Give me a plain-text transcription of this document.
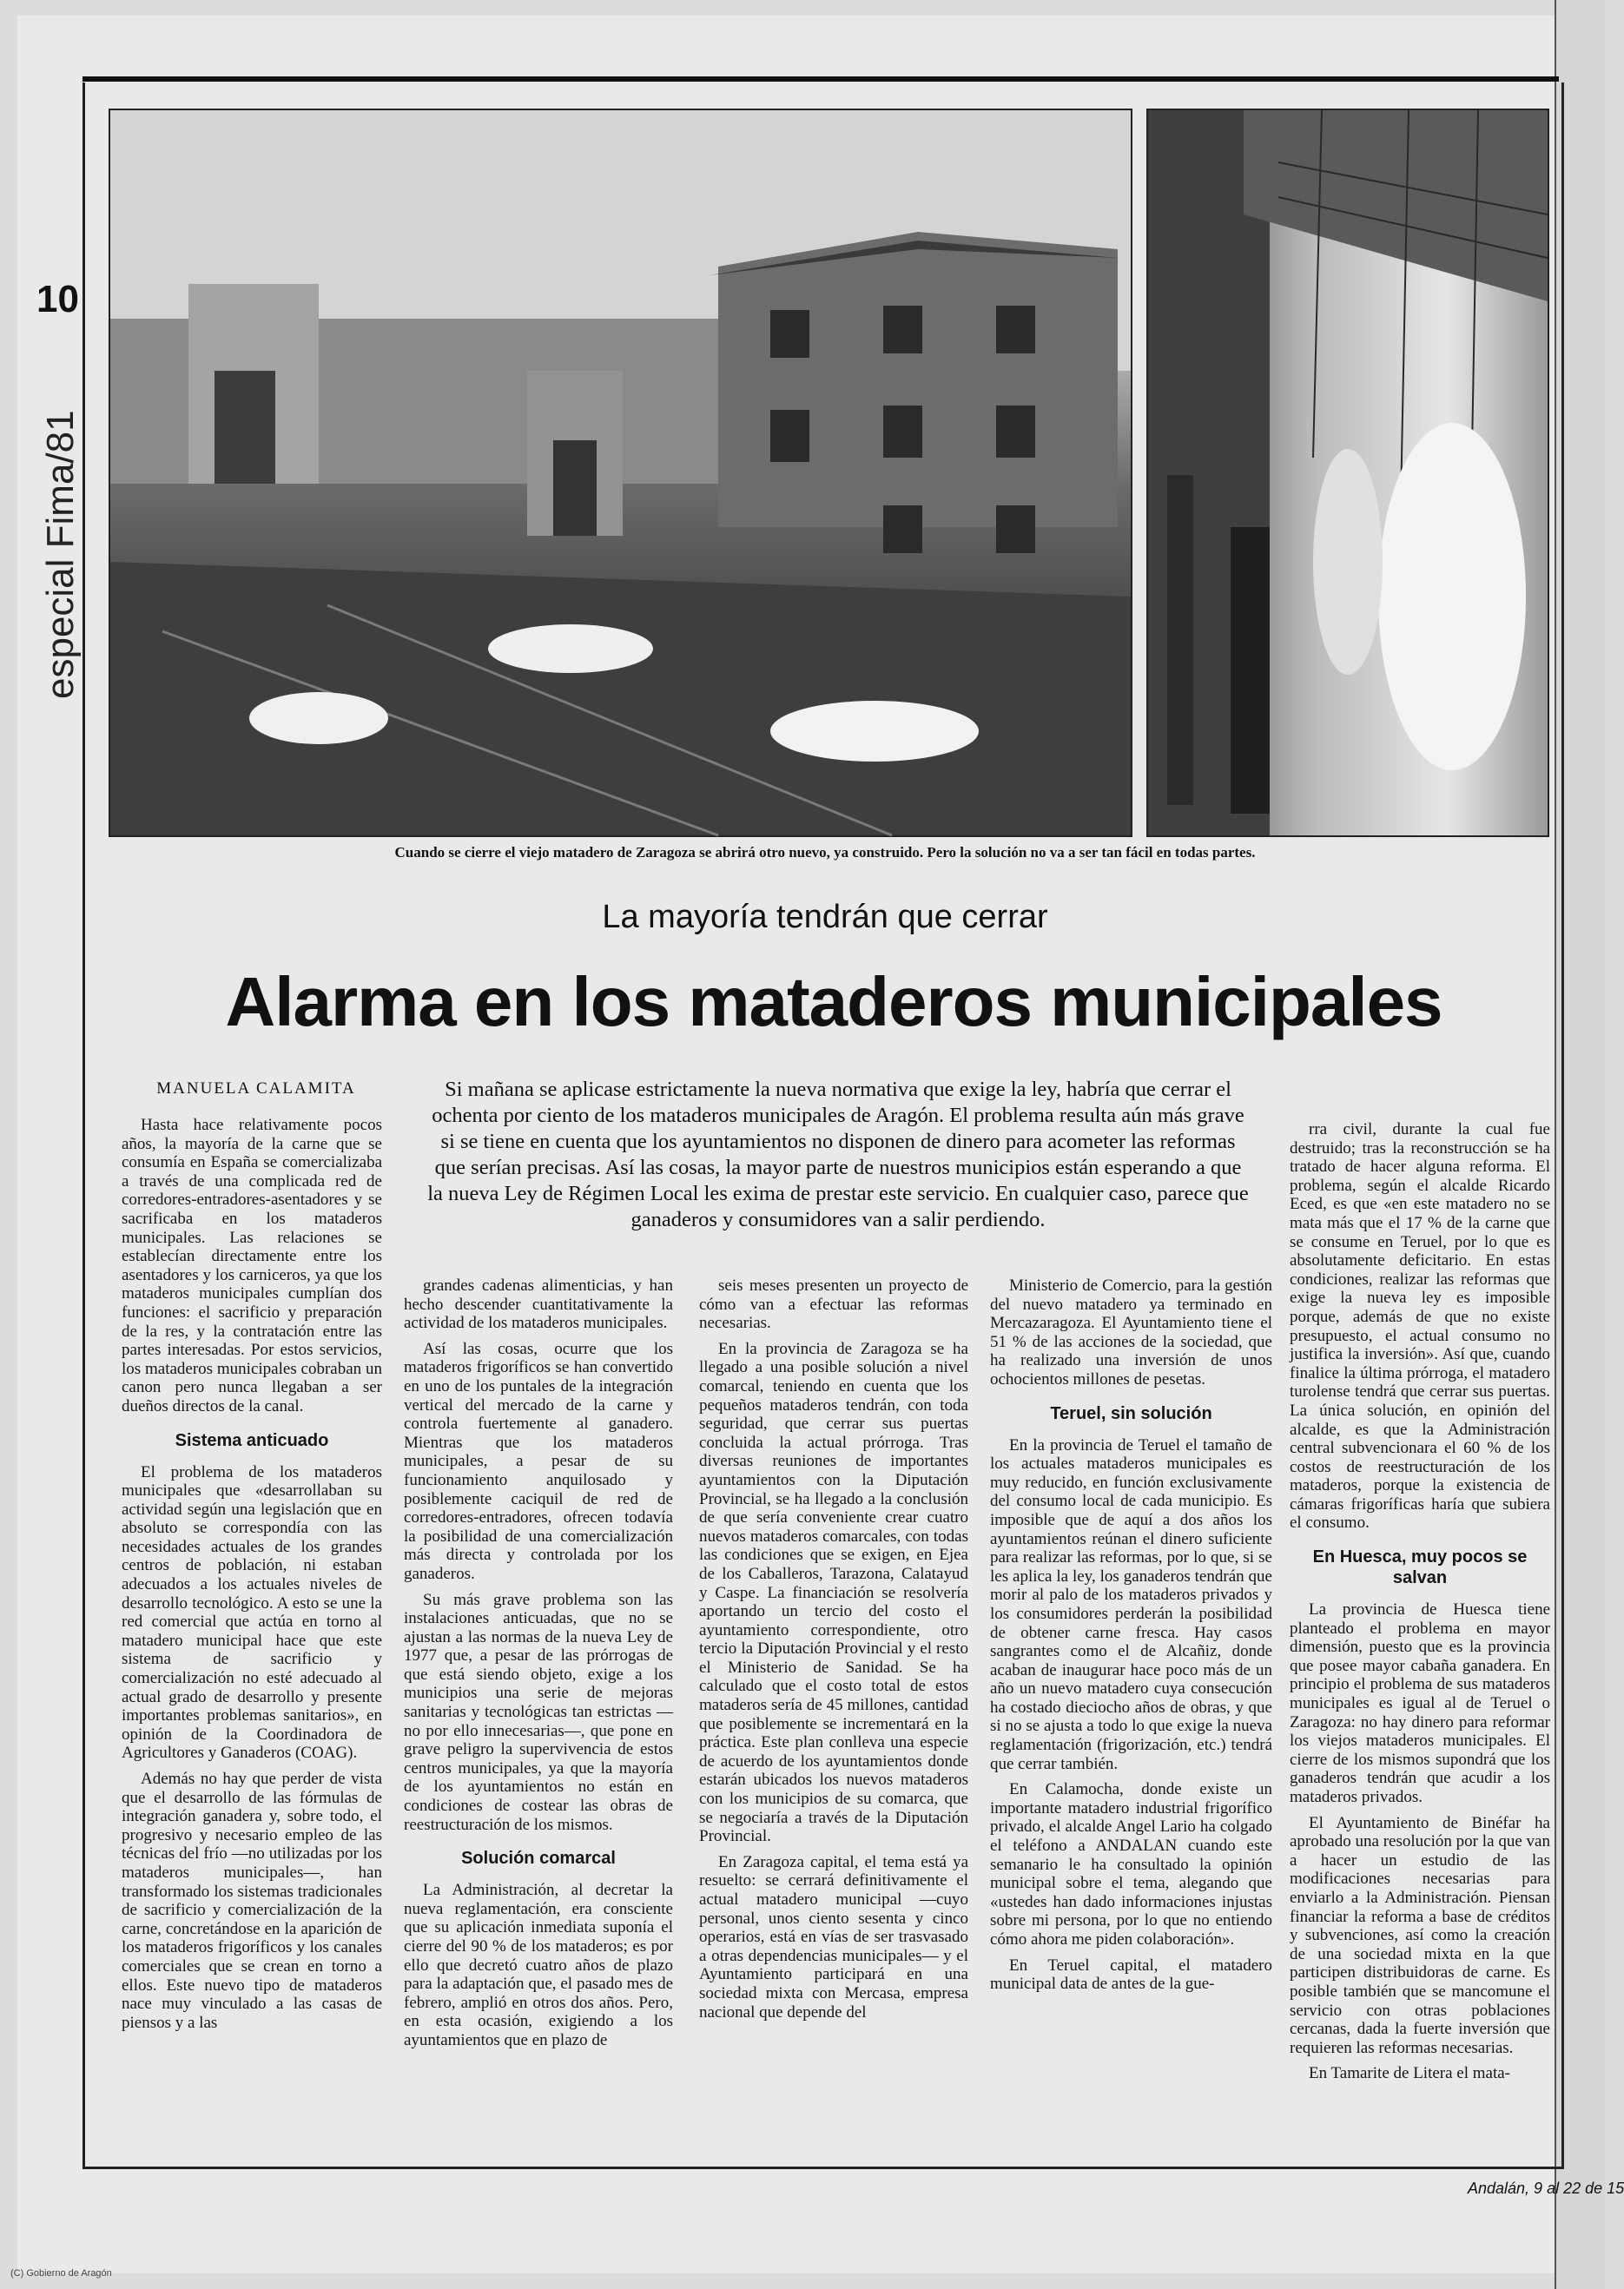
10
especial Fima/81
Cuando se cierre el viejo matadero de Zaragoza se abrirá otro nuevo, ya construido. Pero la solución no va a ser tan fácil en todas partes.
La mayoría tendrán que cerrar
Alarma en los mataderos municipales
MANUELA CALAMITA	Si mañana se aplicase estrictamente la nueva normativa que exige la ley, habría que cerrar el ochenta por ciento de los mataderos municipales de Aragón. El problema resulta aún más grave si se tiene en cuenta que los ayuntamientos no disponen de dinero para acometer las reformas que serían precisas. Así las cosas, la mayor parte de nuestros municipios están esperando a que la nueva Ley de Régimen Local les exima de prestar este servicio. En cualquier caso, parece que ganaderos y consumidores van a salir perdiendo.

Hasta hace relativamente pocos años, la mayoría de la carne que se consumía en España se comercializaba a través de una complicada red de corredores-entradores-asentadores y se sacrificaba en los mataderos municipales. Las relaciones se establecían directamente entre los asentadores y los carniceros, ya que los mataderos municipales cumplían dos funciones: el sacrificio y preparación de la res, y la contratación entre las partes interesadas. Por estos servicios, los mataderos municipales cobraban un canon pero nunca llegaban a ser dueños directos de la canal.

Sistema anticuado

El problema de los mataderos municipales que «desarrollaban su actividad según una legislación que en absoluto se correspondía con las necesidades actuales de los grandes centros de población, ni estaban adecuados a los actuales niveles de desarrollo tecnológico. A esto se une la red comercial que actúa en torno al matadero municipal hace que este sistema de sacrificio y comercialización no esté adecuado al actual grado de desarrollo y presente importantes problemas sanitarios», en opinión de la Coordinadora de Agricultores y Ganaderos (COAG).

Además no hay que perder de vista que el desarrollo de las fórmulas de integración ganadera y, sobre todo, el progresivo y necesario empleo de las técnicas del frío —no utilizadas por los mataderos municipales—, han transformado los sistemas tradicionales de sacrificio y comercialización de la carne, concretándose en la aparición de los mataderos frigoríficos y los canales comerciales que se crean en torno a ellos. Este nuevo tipo de mataderos nace muy vinculado a las casas de piensos y a las

grandes cadenas alimenticias, y han hecho descender cuantitativamente la actividad de los mataderos municipales.

Así las cosas, ocurre que los mataderos frigoríficos se han convertido en uno de los puntales de la integración vertical del mercado de la carne y controla fuertemente al ganadero. Mientras que los mataderos municipales, a pesar de su funcionamiento anquilosado y posiblemente caciquil de red de corredores-entradores, ofrecen todavía la posibilidad de una comercialización más directa y controlada por los ganaderos.

Su más grave problema son las instalaciones anticuadas, que no se ajustan a las normas de la nueva Ley de 1977 que, a pesar de las prórrogas de que está siendo objeto, exige a los municipios una serie de mejoras sanitarias y tecnológicas tan estrictas —no por ello innecesarias—, que pone en grave peligro la supervivencia de estos centros municipales, ya que la mayoría de los ayuntamientos no están en condiciones de costear las obras de reestructuración de los mismos.

Solución comarcal

La Administración, al decretar la nueva reglamentación, era consciente que su aplicación inmediata suponía el cierre del 90 % de los mataderos; es por ello que decretó cuatro años de plazo para la adaptación que, el pasado mes de febrero, amplió en otros dos años. Pero, en esta ocasión, exigiendo a los ayuntamientos que en plazo de

seis meses presenten un proyecto de cómo van a efectuar las reformas necesarias.

En la provincia de Zaragoza se ha llegado a una posible solución a nivel comarcal, teniendo en cuenta que los pequeños mataderos tendrán, con toda seguridad, que cerrar sus puertas concluida la actual prórroga. Tras diversas reuniones de importantes ayuntamientos con la Diputación Provincial, se ha llegado a la conclusión de que sería conveniente crear cuatro nuevos mataderos comarcales, con todas las condiciones que se exigen, en Ejea de los Caballeros, Tarazona, Calatayud y Caspe. La financiación se resolvería aportando un tercio del costo el ayuntamiento correspondiente, otro tercio la Diputación Provincial y el resto el Ministerio de Sanidad. Se ha calculado que el costo total de estos mataderos sería de 45 millones, cantidad que posiblemente se incrementará en la práctica. Este plan conlleva una especie de acuerdo de los ayuntamientos donde estarán ubicados los nuevos mataderos con los municipios de su comarca, que se negociaría a través de la Diputación Provincial.

En Zaragoza capital, el tema está ya resuelto: se cerrará definitivamente el actual matadero municipal —cuyo personal, unos ciento sesenta y cinco operarios, está en vías de ser trasvasado a otras dependencias municipales— y el Ayuntamiento participará en una sociedad mixta con Mercasa, empresa nacional que depende del

Ministerio de Comercio, para la gestión del nuevo matadero ya terminado en Mercazaragoza. El Ayuntamiento tiene el 51 % de las acciones de la sociedad, que ha realizado una inversión de unos ochocientos millones de pesetas.

Teruel, sin solución

En la provincia de Teruel el tamaño de los actuales mataderos municipales es muy reducido, en función exclusivamente del consumo local de cada municipio. Es imposible que de aquí a dos años los ayuntamientos reúnan el dinero suficiente para realizar las reformas, por lo que, si se les aplica la ley, los ganaderos tendrán que morir al palo de los mataderos privados y los consumidores perderán la posibilidad de obtener carne fresca. Hay casos sangrantes como el de Alcañiz, donde acaban de inaugurar hace poco más de un año un nuevo matadero cuya consecución ha costado dieciocho años de obras, y que si no se ajusta a todo lo que exige la nueva reglamentación (frigorización, etc.) tendrá que cerrar también.

En Calamocha, donde existe un importante matadero industrial frigorífico privado, el alcalde Angel Lario ha colgado el teléfono a ANDALAN cuando este semanario le ha consultado la opinión municipal sobre el tema, alegando que «ustedes han dado informaciones injustas sobre mi persona, por lo que no entiendo cómo ahora me piden colaboración».

En Teruel capital, el matadero municipal data de antes de la gue-

rra civil, durante la cual fue destruido; tras la reconstrucción se ha tratado de hacer alguna reforma. El problema, según el alcalde Ricardo Eced, es que «en este matadero no se mata más que el 17 % de la carne que se consume en Teruel, por lo que es absolutamente deficitario. En estas condiciones, realizar las reformas que exige la nueva ley es imposible porque, además de que no existe presupuesto, el actual consumo no justifica la inversión». Así que, cuando finalice la última prórroga, el matadero turolense tendrá que cerrar sus puertas. La única solución, en opinión del alcalde, es que la Administración central subvencionara el 60 % de los costos de reestructuración de los mataderos, porque la existencia de cámaras frigoríficas haría que subiera el consumo.

En Huesca, muy pocos se salvan

La provincia de Huesca tiene planteado el problema en mayor dimensión, puesto que es la provincia que posee mayor cabaña ganadera. En principio el problema de sus mataderos municipales es igual al de Teruel o Zaragoza: no hay dinero para reformar los viejos mataderos municipales. El cierre de los mismos supondrá que los ganaderos tendrán que acudir a los mataderos privados.

El Ayuntamiento de Binéfar ha aprobado una resolución por la que van a hacer un estudio de las modificaciones necesarias para enviarlo a la Administración. Piensan financiar la reforma a base de créditos y subvenciones, así como la creación de una sociedad mixta en la que participen distribuidoras de carne. Es posible también que se mancomune el servicio con otras poblaciones cercanas, dada la fuerte inversión que requieren las reformas necesarias.

En Tamarite de Litera el mata-

Andalán, 9 al 22 de 15
(C) Gobierno de Aragón
